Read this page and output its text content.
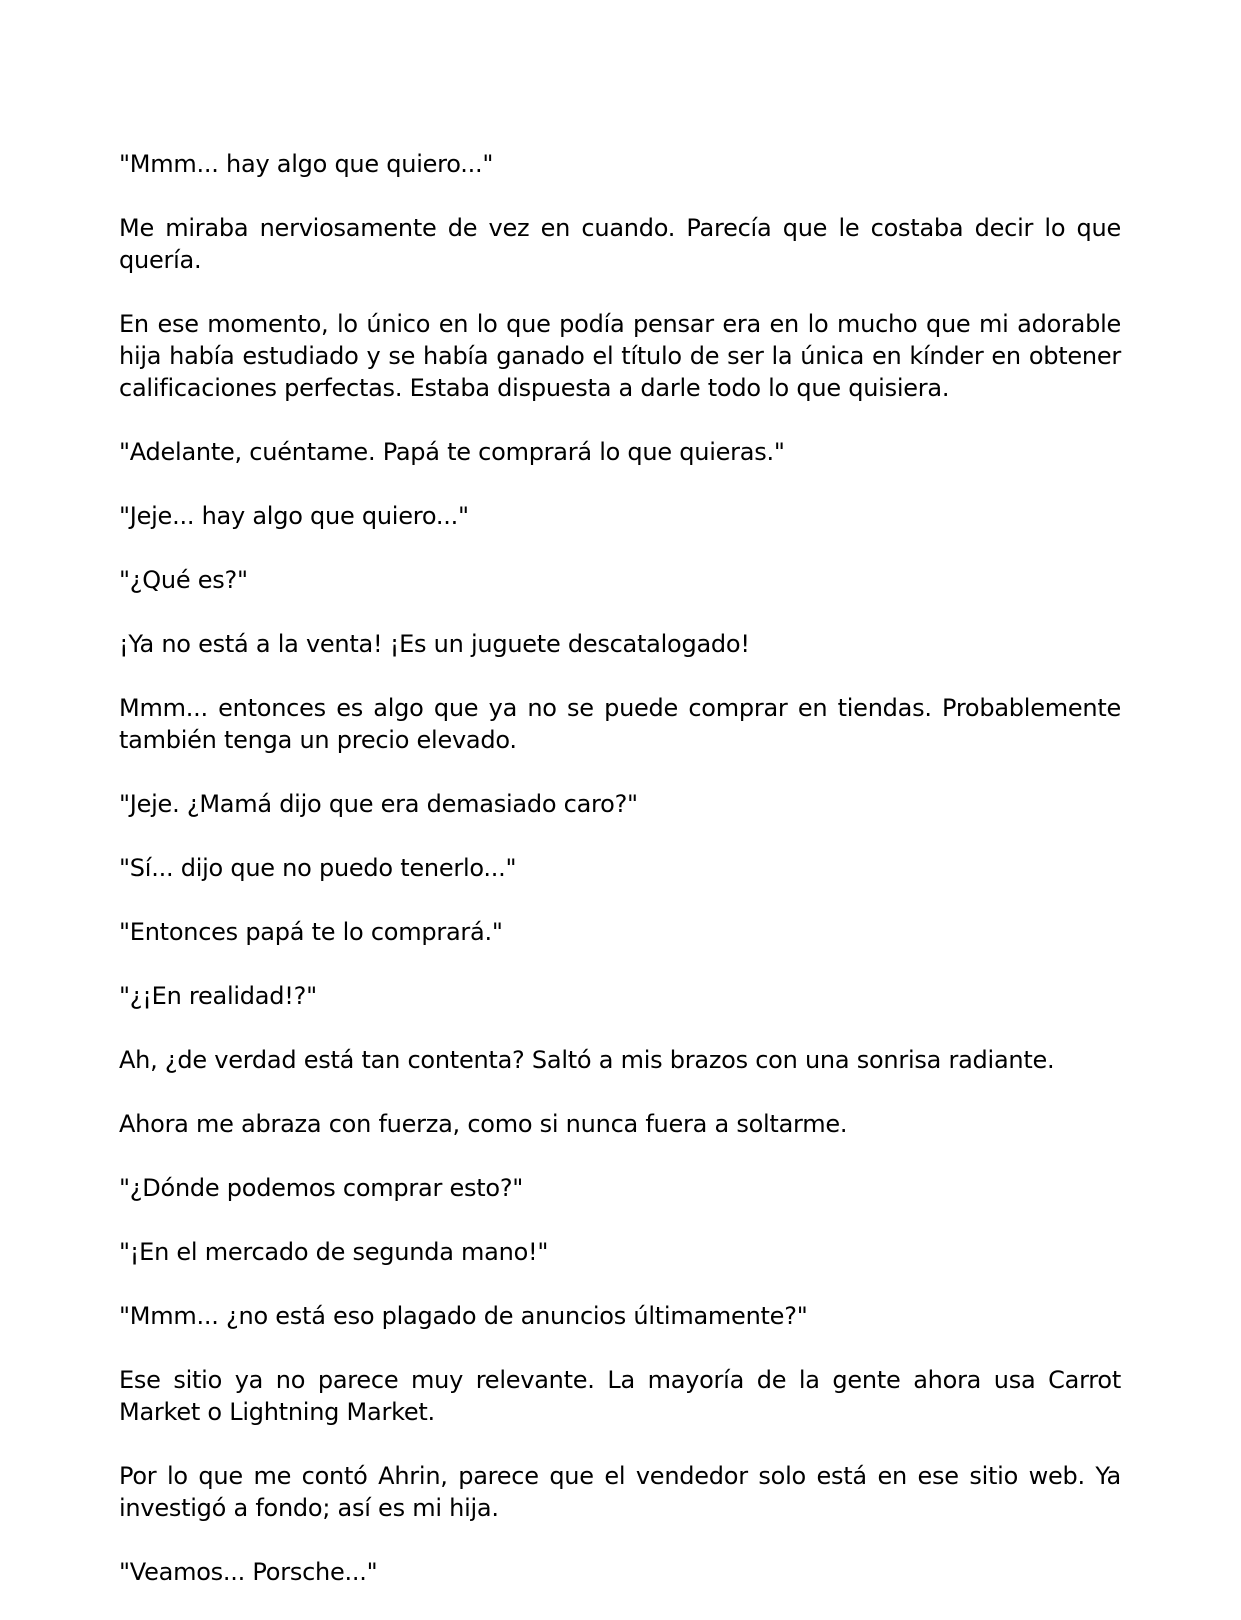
"Mmm... hay algo que quiero..."

Me miraba nerviosamente de vez en cuando. Parecía que le costaba decir lo que quería.

En ese momento, lo único en lo que podía pensar era en lo mucho que mi adorable hija había estudiado y se había ganado el título de ser la única en kínder en obtener calificaciones perfectas. Estaba dispuesta a darle todo lo que quisiera.

"Adelante, cuéntame. Papá te comprará lo que quieras."

"Jeje... hay algo que quiero..."

"¿Qué es?"

¡Ya no está a la venta! ¡Es un juguete descatalogado!

Mmm... entonces es algo que ya no se puede comprar en tiendas. Probablemente también tenga un precio elevado.

"Jeje. ¿Mamá dijo que era demasiado caro?"

"Sí... dijo que no puedo tenerlo..."

"Entonces papá te lo comprará."

"¿¡En realidad!?"

Ah, ¿de verdad está tan contenta? Saltó a mis brazos con una sonrisa radiante.

Ahora me abraza con fuerza, como si nunca fuera a soltarme.

"¿Dónde podemos comprar esto?"

"¡En el mercado de segunda mano!"

"Mmm... ¿no está eso plagado de anuncios últimamente?"

Ese sitio ya no parece muy relevante. La mayoría de la gente ahora usa Carrot Market o Lightning Market.

Por lo que me contó Ahrin, parece que el vendedor solo está en ese sitio web. Ya investigó a fondo; así es mi hija.

"Veamos... Porsche..."
